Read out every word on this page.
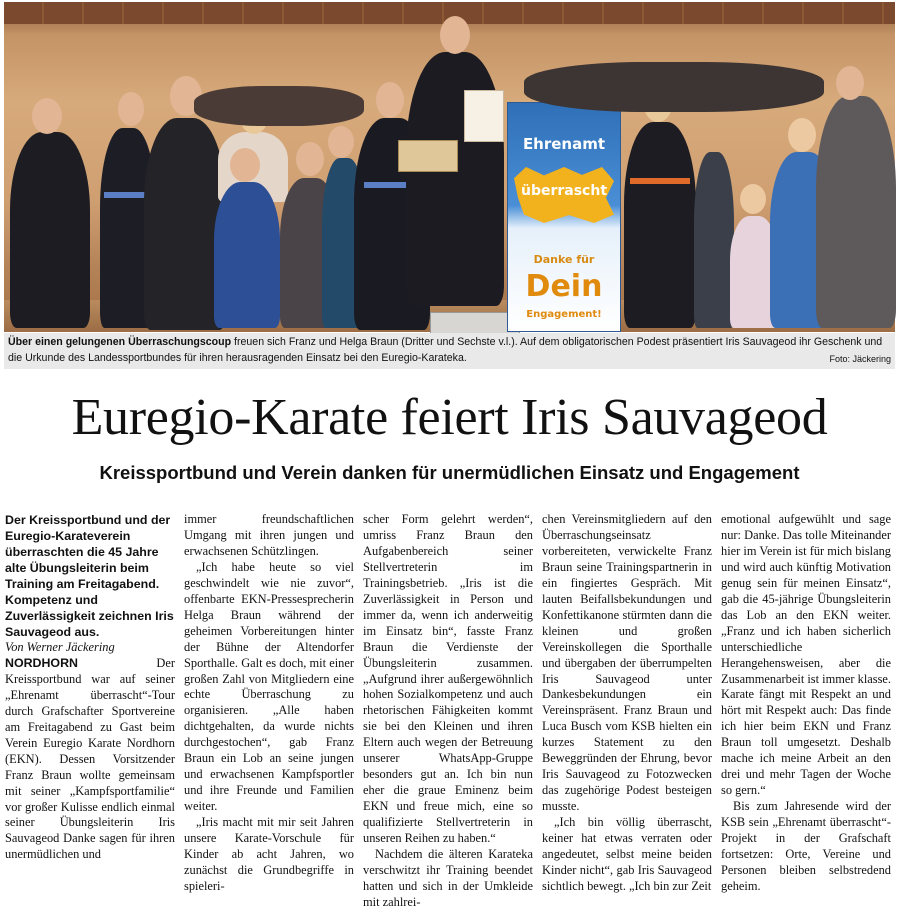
Ehrenamt
überrascht
Danke für
Dein
Engagement!
Über einen gelungenen Überraschungscoup freuen sich Franz und Helga Braun (Dritter und Sechste v.l.). Auf dem obligatorischen Podest präsentiert Iris Sauvageod ihr Geschenk und die Urkunde des Landessportbundes für ihren herausragenden Einsatz bei den Euregio-Karateka.	Foto: Jäckering
Euregio-Karate feiert Iris Sauvageod
Kreissportbund und Verein danken für unermüdlichen Einsatz und Engagement

Der Kreissportbund und der Euregio-Karateverein überraschten die 45 Jahre alte Übungsleiterin beim Training am Freitagabend. Kompetenz und Zuverlässigkeit zeichnen Iris Sauvageod aus.

Von Werner Jäckering

NORDHORN Der Kreissportbund war auf seiner „Ehrenamt überrascht“-Tour durch Grafschafter Sportvereine am Freitagabend zu Gast beim Verein Euregio Karate Nordhorn (EKN). Dessen Vorsitzender Franz Braun wollte gemeinsam mit seiner „Kampfsportfamilie“ vor großer Kulisse endlich einmal seiner Übungsleiterin Iris Sauvageod Danke sagen für ihren unermüdlichen und

immer freundschaftlichen Umgang mit ihren jungen und erwachsenen Schützlingen.

„Ich habe heute so viel geschwindelt wie nie zuvor“, offenbarte EKN-Pressesprecherin Helga Braun während der geheimen Vorbereitungen hinter der Bühne der Altendorfer Sporthalle. Galt es doch, mit einer großen Zahl von Mitgliedern eine echte Überraschung zu organisieren. „Alle haben dichtgehalten, da wurde nichts durchgestochen“, gab Franz Braun ein Lob an seine jungen und erwachsenen Kampfsportler und ihre Freunde und Familien weiter.

„Iris macht mit mir seit Jahren unsere Karate-Vorschule für Kinder ab acht Jahren, wo zunächst die Grundbegriffe in spieleri-

scher Form gelehrt werden“, umriss Franz Braun den Aufgabenbereich seiner Stellvertreterin im Trainingsbetrieb. „Iris ist die Zuverlässigkeit in Person und immer da, wenn ich anderweitig im Einsatz bin“, fasste Franz Braun die Verdienste der Übungsleiterin zusammen. „Aufgrund ihrer außergewöhnlich hohen Sozialkompetenz und auch rhetorischen Fähigkeiten kommt sie bei den Kleinen und ihren Eltern auch wegen der Betreuung unserer WhatsApp-Gruppe besonders gut an. Ich bin nun eher die graue Eminenz beim EKN und freue mich, eine so qualifizierte Stellvertreterin in unseren Reihen zu haben.“

Nachdem die älteren Karateka verschwitzt ihr Training beendet hatten und sich in der Umkleide mit zahlrei-

chen Vereinsmitgliedern auf den Überraschungseinsatz vorbereiteten, verwickelte Franz Braun seine Trainingspartnerin in ein fingiertes Gespräch. Mit lauten Beifallsbekundungen und Konfettikanone stürmten dann die kleinen und großen Vereinskollegen die Sporthalle und übergaben der überrumpelten Iris Sauvageod unter Dankesbekundungen ein Vereinspräsent. Franz Braun und Luca Busch vom KSB hielten ein kurzes Statement zu den Beweggründen der Ehrung, bevor Iris Sauvageod zu Fotozwecken das zugehörige Podest besteigen musste.

„Ich bin völlig überrascht, keiner hat etwas verraten oder angedeutet, selbst meine beiden Kinder nicht“, gab Iris Sauvageod sichtlich bewegt. „Ich bin zur Zeit

emotional aufgewühlt und sage nur: Danke. Das tolle Miteinander hier im Verein ist für mich bislang und wird auch künftig Motivation genug sein für meinen Einsatz“, gab die 45-jährige Übungsleiterin das Lob an den EKN weiter. „Franz und ich haben sicherlich unterschiedliche Herangehensweisen, aber die Zusammenarbeit ist immer klasse. Karate fängt mit Respekt an und hört mit Respekt auch: Das finde ich hier beim EKN und Franz Braun toll umgesetzt. Deshalb mache ich meine Arbeit an den drei und mehr Tagen der Woche so gern.“

Bis zum Jahresende wird der KSB sein „Ehrenamt überrascht“-Projekt in der Grafschaft fortsetzen: Orte, Vereine und Personen bleiben selbstredend geheim.
